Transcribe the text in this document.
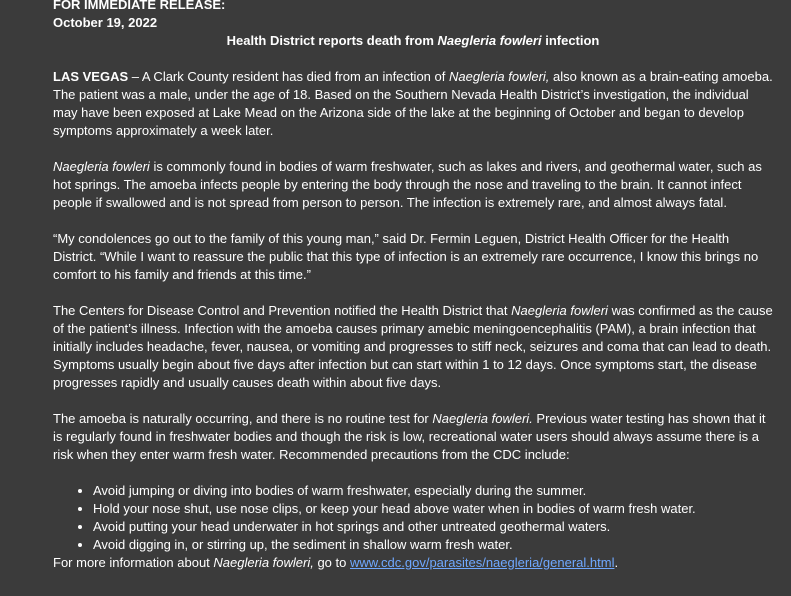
FOR IMMEDIATE RELEASE:
October 19, 2022
Health District reports death from Naegleria fowleri infection

LAS VEGAS – A Clark County resident has died from an infection of Naegleria fowleri, also known as a brain-eating amoeba. The patient was a male, under the age of 18. Based on the Southern Nevada Health District’s investigation, the individual may have been exposed at Lake Mead on the Arizona side of the lake at the beginning of October and began to develop symptoms approximately a week later.

Naegleria fowleri is commonly found in bodies of warm freshwater, such as lakes and rivers, and geothermal water, such as hot springs. The amoeba infects people by entering the body through the nose and traveling to the brain. It cannot infect people if swallowed and is not spread from person to person. The infection is extremely rare, and almost always fatal.

“My condolences go out to the family of this young man,” said Dr. Fermin Leguen, District Health Officer for the Health District. “While I want to reassure the public that this type of infection is an extremely rare occurrence, I know this brings no comfort to his family and friends at this time.”

The Centers for Disease Control and Prevention notified the Health District that Naegleria fowleri was confirmed as the cause of the patient’s illness. Infection with the amoeba causes primary amebic meningoencephalitis (PAM), a brain infection that initially includes headache, fever, nausea, or vomiting and progresses to stiff neck, seizures and coma that can lead to death. Symptoms usually begin about five days after infection but can start within 1 to 12 days. Once symptoms start, the disease progresses rapidly and usually causes death within about five days.

The amoeba is naturally occurring, and there is no routine test for Naegleria fowleri. Previous water testing has shown that it is regularly found in freshwater bodies and though the risk is low, recreational water users should always assume there is a risk when they enter warm fresh water. Recommended precautions from the CDC include:

• Avoid jumping or diving into bodies of warm freshwater, especially during the summer.
• Hold your nose shut, use nose clips, or keep your head above water when in bodies of warm fresh water.
• Avoid putting your head underwater in hot springs and other untreated geothermal waters.
• Avoid digging in, or stirring up, the sediment in shallow warm fresh water.
For more information about Naegleria fowleri, go to www.cdc.gov/parasites/naegleria/general.html.
